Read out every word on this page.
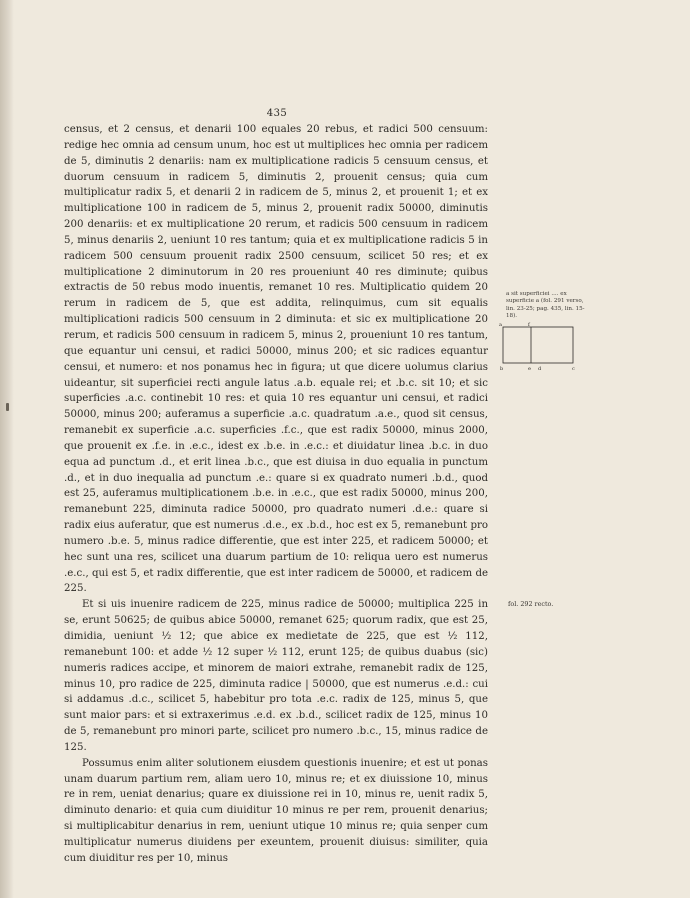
435

census, et 2 census, et denarii 100 equales 20 rebus, et radici 500 censuum: redige hec omnia ad censum unum, hoc est ut multiplices hec omnia per radicem de 5, diminutis 2 denariis: nam ex multiplicatione radicis 5 censuum census, et duorum censuum in radicem 5, diminutis 2, prouenit census; quia cum multiplicatur radix 5, et denarii 2 in radicem de 5, minus 2, et prouenit 1; et ex multiplicatione 100 in radicem de 5, minus 2, prouenit radix 50000, diminutis 200 denariis: et ex multiplicatione 20 rerum, et radicis 500 censuum in radicem 5, minus denariis 2, ueniunt 10 res tantum; quia et ex multiplicatione radicis 5 in radicem 500 censuum prouenit radix 2500 censuum, scilicet 50 res; et ex multiplicatione 2 diminutorum in 20 res proueniunt 40 res diminute; quibus extractis de 50 rebus modo inuentis, remanet 10 res. Multiplicatio quidem 20 rerum in radicem de 5, que est addita, relinquimus, cum sit equalis multiplicationi radicis 500 censuum in 2 diminuta: et sic ex multiplicatione 20 rerum, et radicis 500 censuum in radicem 5, minus 2, proueniunt 10 res tantum, que equantur uni censui, et radici 50000, minus 200; et sic radices equantur censui, et numero: et nos ponamus hec in figura; ut que dicere uolumus clarius uideantur, sit superficiei recti angule latus .a.b. equale rei; et .b.c. sit 10; et sic superficies .a.c. continebit 10 res: et quia 10 res equantur uni censui, et radici 50000, minus 200; auferamus a superficie .a.c. quadratum .a.e., quod sit census, remanebit ex superficie .a.c. superficies .f.c., que est radix 50000, minus 2000, que prouenit ex .f.e. in .e.c., idest ex .b.e. in .e.c.: et diuidatur linea .b.c. in duo equa ad punctum .d., et erit linea .b.c., que est diuisa in duo equalia in punctum .d., et in duo inequalia ad punctum .e.: quare si ex quadrato numeri .b.d., quod est 25, auferamus multiplicationem .b.e. in .e.c., que est radix 50000, minus 200, remanebunt 225, diminuta radice 50000, pro quadrato numeri .d.e.: quare si radix eius auferatur, que est numerus .d.e., ex .b.d., hoc est ex 5, remanebunt pro numero .b.e. 5, minus radice differentie, que est inter 225, et radicem 50000; et hec sunt una res, scilicet una duarum partium de 10: reliqua uero est numerus .e.c., qui est 5, et radix differentie, que est inter radicem de 50000, et radicem de 225.

Et si uis inuenire radicem de 225, minus radice de 50000; multiplica 225 in se, erunt 50625; de quibus abice 50000, remanet 625; quorum radix, que est 25, dimidia, ueniunt ½ 12; que abice ex medietate de 225, que est ½ 112, remanebunt 100: et adde ½ 12 super ½ 112, erunt 125; de quibus duabus (sic) numeris radices accipe, et minorem de maiori extrahe, remanebit radix de 125, minus 10, pro radice de 225, diminuta radice | 50000, que est numerus .e.d.: cui si addamus .d.c., scilicet 5, habebitur pro tota .e.c. radix de 125, minus 5, que sunt maior pars: et si extraxerimus .e.d. ex .b.d., scilicet radix de 125, minus 10 de 5, remanebunt pro minori parte, scilicet pro numero .b.c., 15, minus radice de 125.

Possumus enim aliter solutionem eiusdem questionis inuenire; et est ut ponas unam duarum partium rem, aliam uero 10, minus re; et ex diuissione 10, minus re in rem, ueniat denarius; quare ex diuissione rei in 10, minus re, uenit radix 5, diminuto denario: et quia cum diuiditur 10 minus re per rem, prouenit denarius; si multiplicabitur denarius in rem, ueniunt utique 10 minus re; quia senper cum multiplicatur numerus diuidens per exeuntem, prouenit diuisus: similiter, quia cum diuiditur res per 10, minus

a sit superficiei .... ex superficie a (fol. 291 verso, lin. 23-25; pag. 435, lin. 15-18).
a	f
b	e d	c
fol. 292 recto.
